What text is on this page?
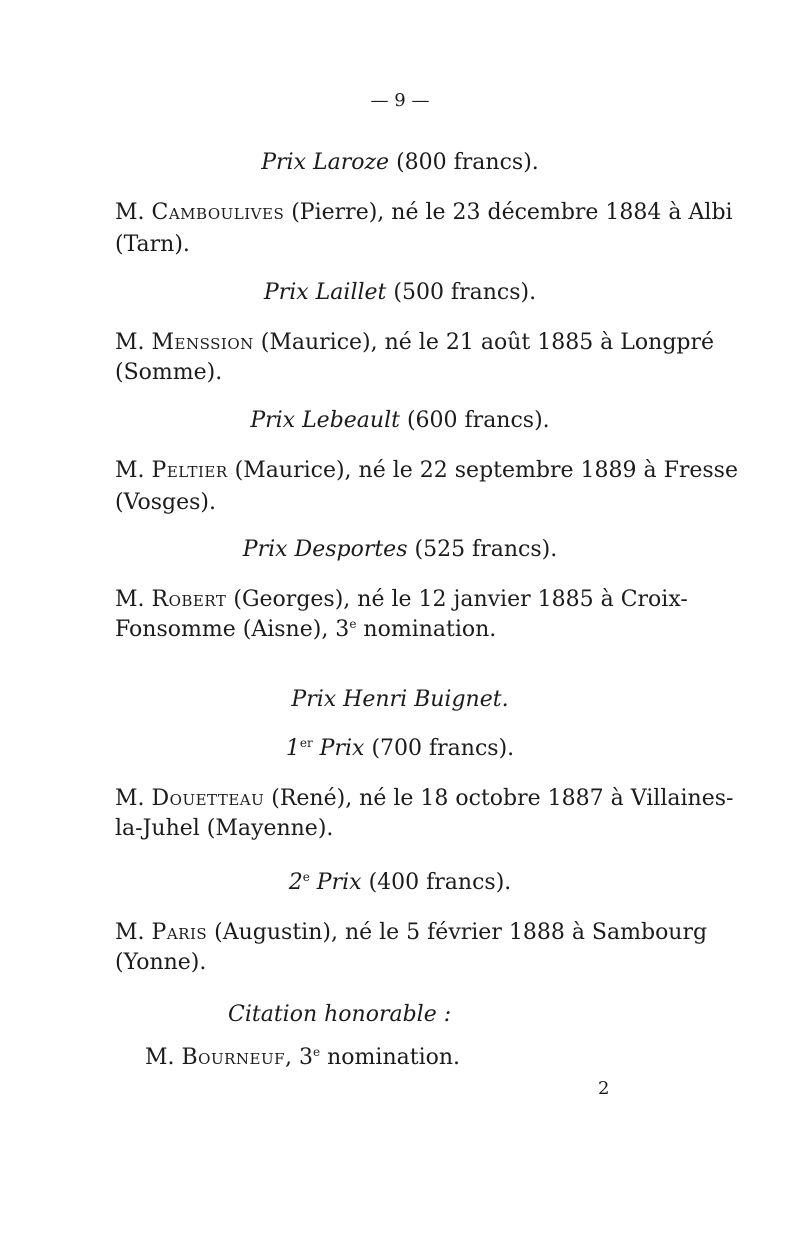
— 9 —
Prix Laroze (800 francs).
M. Camboulives (Pierre), né le 23 décembre 1884 à Albi
(Tarn).
Prix Laillet (500 francs).
M. Menssion (Maurice), né le 21 août 1885 à Longpré
(Somme).
Prix Lebeault (600 francs).
M. Peltier (Maurice), né le 22 septembre 1889 à Fresse
(Vosges).
Prix Desportes (525 francs).
M. Robert (Georges), né le 12 janvier 1885 à Croix-
Fonsomme (Aisne), 3e nomination.
Prix Henri Buignet.
1er Prix (700 francs).
M. Douetteau (René), né le 18 octobre 1887 à Villaines-
la-Juhel (Mayenne).
2e Prix (400 francs).
M. Paris (Augustin), né le 5 février 1888 à Sambourg
(Yonne).
Citation honorable :
M. Bourneuf, 3e nomination.
2
